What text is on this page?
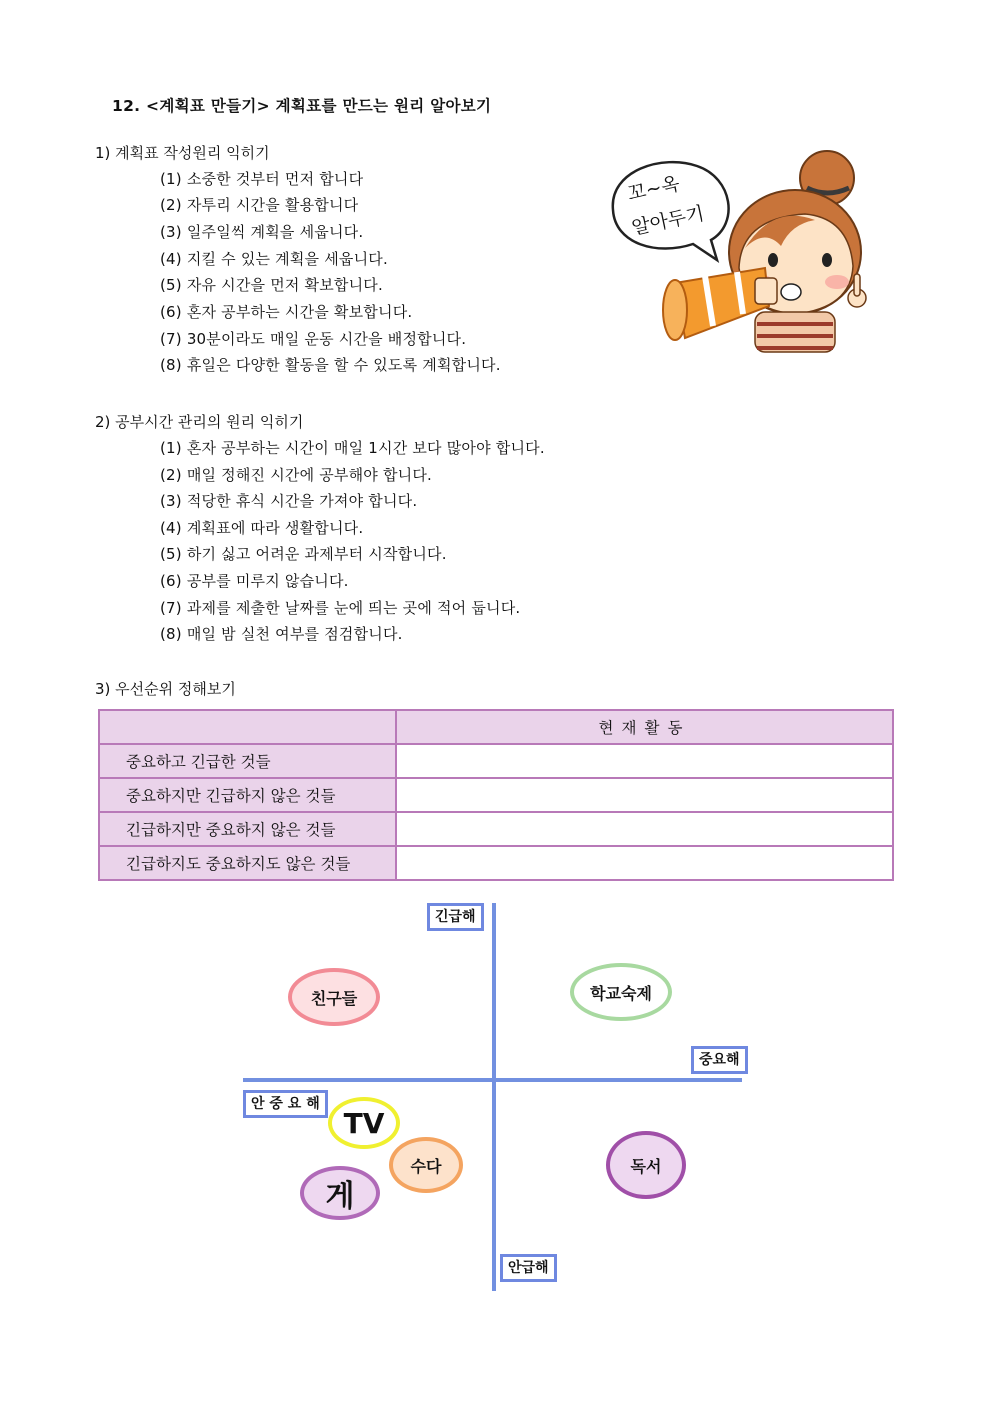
12. <계획표 만들기> 계획표를 만드는 원리 알아보기
1) 계획표 작성원리 익히기
(1) 소중한 것부터 먼저 합니다
(2) 자투리 시간을 활용합니다
(3) 일주일씩 계획을 세웁니다.
(4) 지킬 수 있는 계획을 세웁니다.
(5) 자유 시간을 먼저 확보합니다.
(6) 혼자 공부하는 시간을 확보합니다.
(7) 30분이라도 매일 운동 시간을 배정합니다.
(8) 휴일은 다양한 활동을 할 수 있도록 계획합니다.
꼬~옥
알아두기
2) 공부시간 관리의 원리 익히기
(1) 혼자 공부하는 시간이 매일 1시간 보다 많아야 합니다.
(2) 매일 정해진 시간에 공부해야 합니다.
(3) 적당한 휴식 시간을 가져야 합니다.
(4) 계획표에 따라 생활합니다.
(5) 하기 싫고 어려운 과제부터 시작합니다.
(6) 공부를 미루지 않습니다.
(7) 과제를 제출한 날짜를 눈에 띄는 곳에 적어 둡니다.
(8) 매일 밤 실천 여부를 점검합니다.
3) 우선순위 정해보기
	현재활동
중요하고 긴급한 것들	
중요하지만 긴급하지 않은 것들	
긴급하지만 중요하지 않은 것들	
긴급하지도 중요하지도 않은 것들	
긴급해
중요해
안 중 요 해
안급해
친구들	학교숙제
TV
수다
게
독서
